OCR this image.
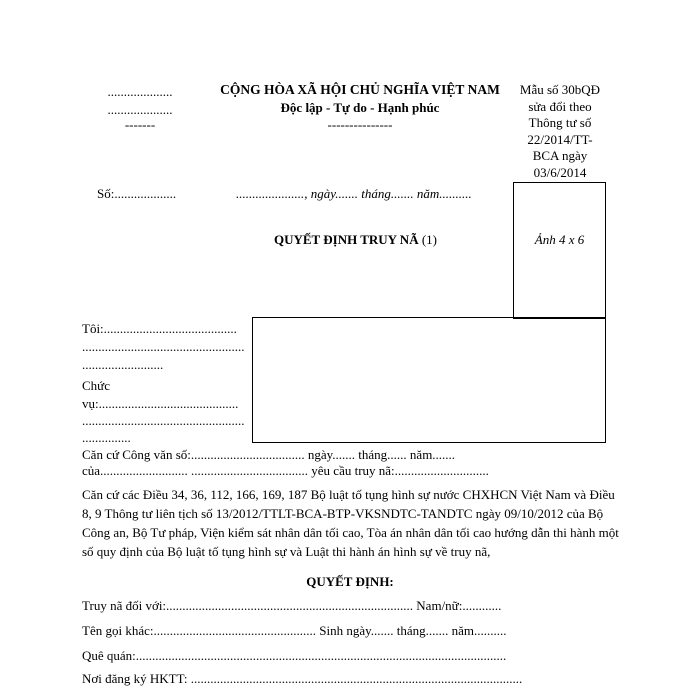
....................
....................
-------
CỘNG HÒA XÃ HỘI CHỦ NGHĨA VIỆT NAM
Độc lập - Tự do - Hạnh phúc
---------------
Mẫu số 30bQĐ
sửa đổi theo
Thông tư số
22/2014/TT-
BCA ngày
03/6/2014
Số:...................	....................., ngày....... tháng....... năm..........
Ảnh 4 x 6
QUYẾT ĐỊNH TRUY NÃ (1)
Tôi:.........................................
..................................................
.........................
Chức
vụ:...........................................
..................................................
...............
Căn cứ Công văn số:................................... ngày....... tháng...... năm.......
của........................... .................................... yêu cầu truy nã:.............................
Căn cứ các Điều 34, 36, 112, 166, 169, 187 Bộ luật tố tụng hình sự nước CHXHCN Việt Nam và Điều 8, 9 Thông tư liên tịch số 13/2012/TTLT-BCA-BTP-VKSNDTC-TANDTC ngày 09/10/2012 của Bộ Công an, Bộ Tư pháp, Viện kiểm sát nhân dân tối cao, Tòa án nhân dân tối cao hướng dẫn thi hành một số quy định của Bộ luật tố tụng hình sự và Luật thi hành án hình sự về truy nã,
QUYẾT ĐỊNH:
Truy nã đối với:............................................................................ Nam/nữ:............
Tên gọi khác:.................................................. Sinh ngày....... tháng....... năm..........
Quê quán:..................................................................................................................
Nơi đăng ký HKTT: ......................................................................................................
